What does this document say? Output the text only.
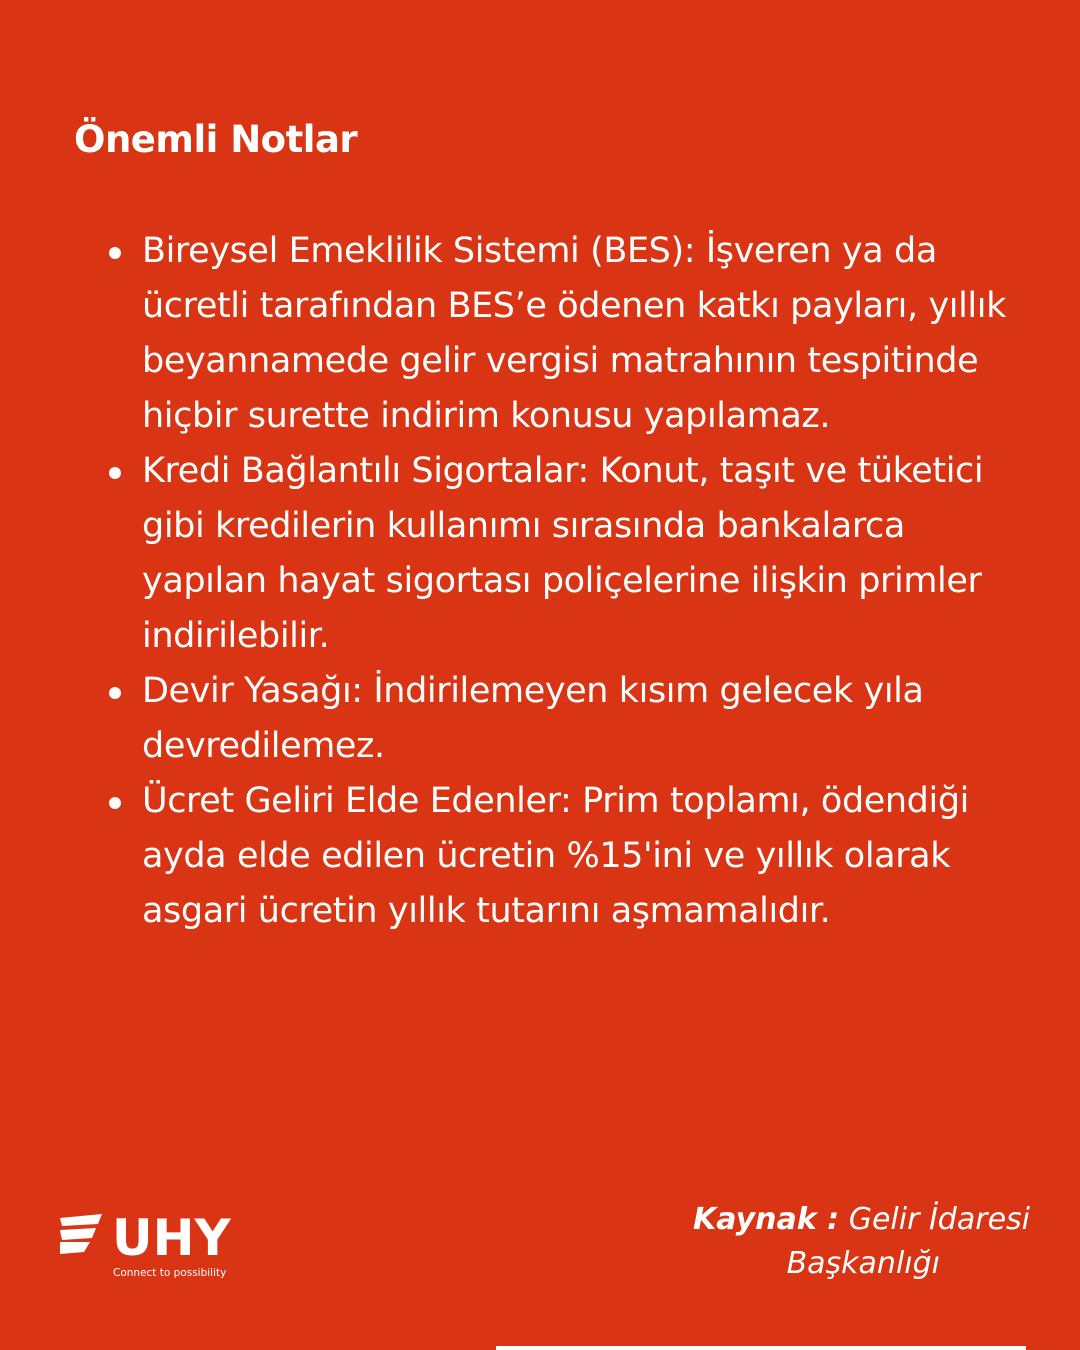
Önemli Notlar
Bireysel Emeklilik Sistemi (BES): İşveren ya da ücretli tarafından BES’e ödenen katkı payları, yıllık beyannamede gelir vergisi matrahının tespitinde hiçbir surette indirim konusu yapılamaz.
Kredi Bağlantılı Sigortalar: Konut, taşıt ve tüketici gibi kredilerin kullanımı sırasında bankalarca yapılan hayat sigortası poliçelerine ilişkin primler indirilebilir.
Devir Yasağı: İndirilemeyen kısım gelecek yıla devredilemez.
Ücret Geliri Elde Edenler: Prim toplamı, ödendiği ayda elde edilen ücretin %15'ini ve yıllık olarak asgari ücretin yıllık tutarını aşmamalıdır.
UHY
Connect to possibility
Kaynak : Gelir İdaresi
Başkanlığı
